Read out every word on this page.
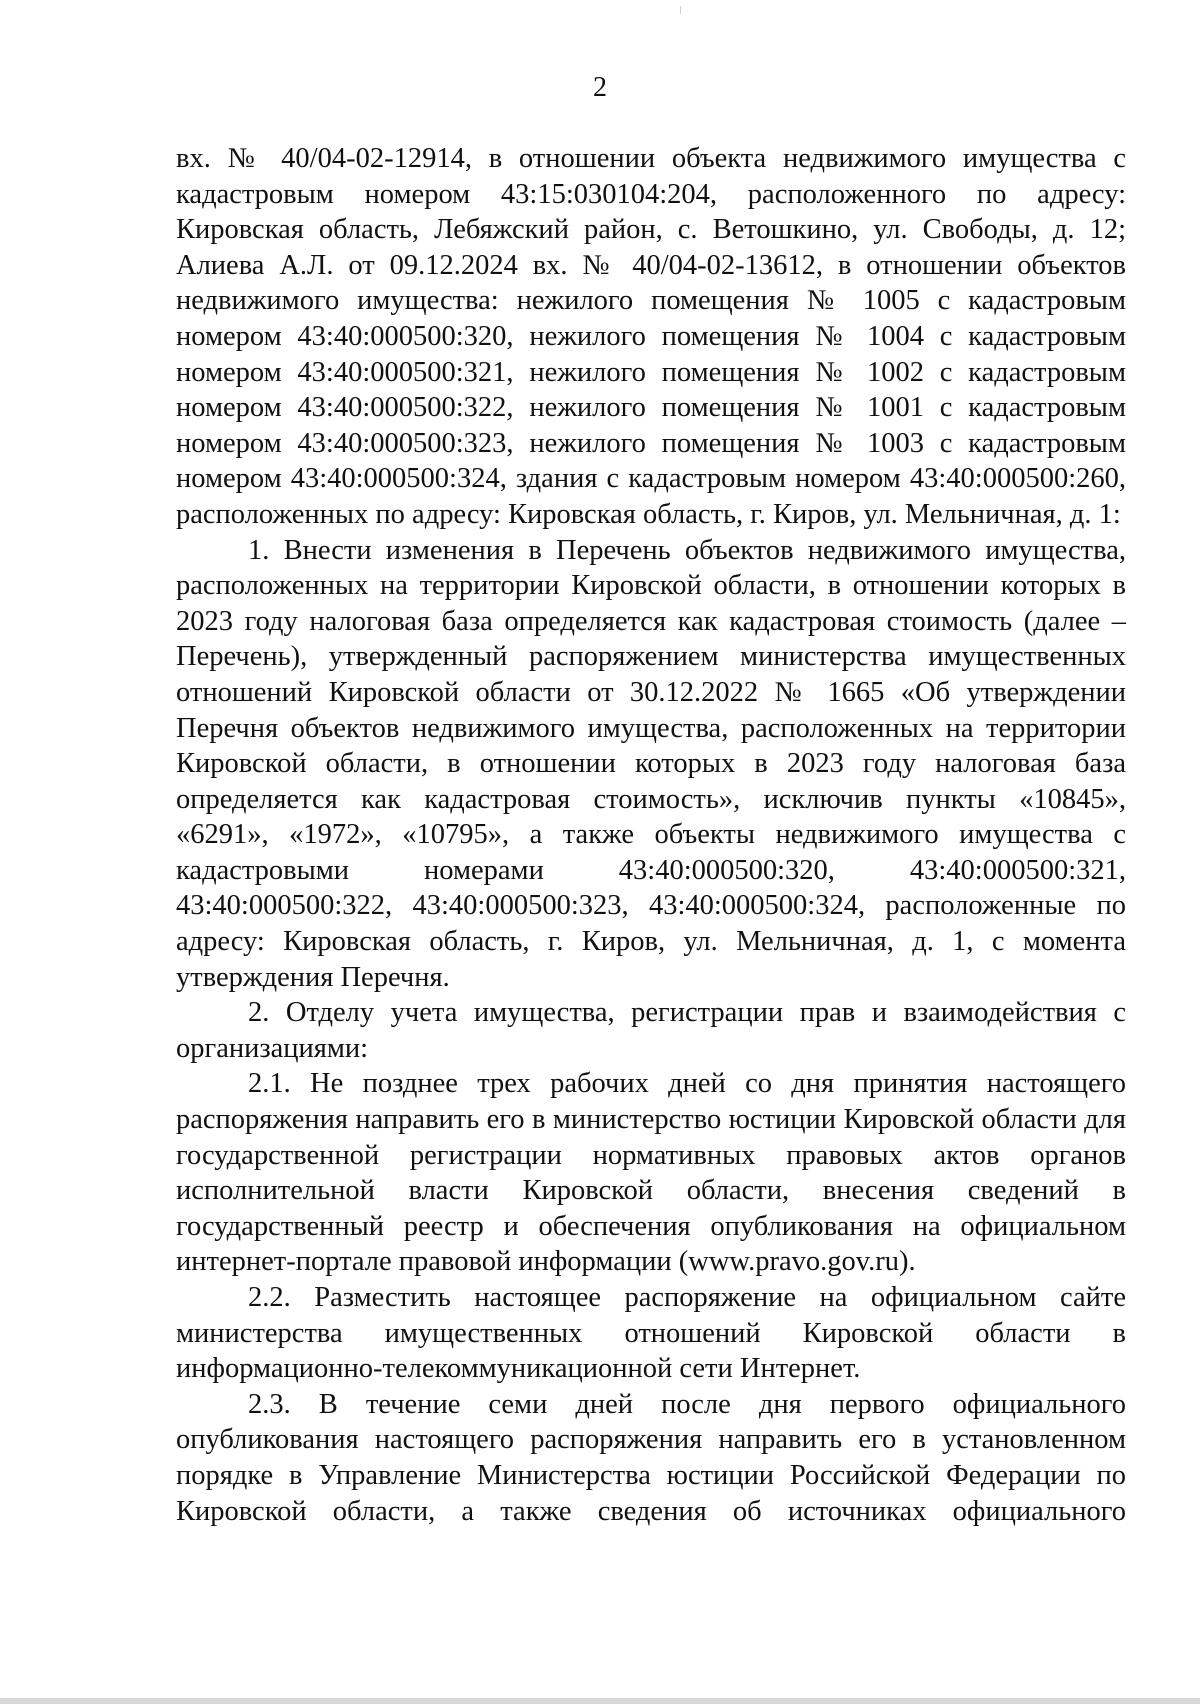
2

вх. № 40/04-02-12914, в отношении объекта недвижимого имущества с кадастровым номером 43:15:030104:204, расположенного по адресу: Кировская область, Лебяжский район, с. Ветошкино, ул. Свободы, д. 12; Алиева А.Л. от 09.12.2024 вх. № 40/04-02-13612, в отношении объектов недвижимого имущества: нежилого помещения № 1005 с кадастровым номером 43:40:000500:320, нежилого помещения № 1004 с кадастровым номером 43:40:000500:321, нежилого помещения № 1002 с кадастровым номером 43:40:000500:322, нежилого помещения № 1001 с кадастровым номером 43:40:000500:323, нежилого помещения № 1003 с кадастровым номером 43:40:000500:324, здания с кадастровым номером 43:40:000500:260, расположенных по адресу: Кировская область, г. Киров, ул. Мельничная, д. 1:

1. Внести изменения в Перечень объектов недвижимого имущества, расположенных на территории Кировской области, в отношении которых в 2023 году налоговая база определяется как кадастровая стоимость (далее – Перечень), утвержденный распоряжением министерства имущественных отношений Кировской области от 30.12.2022 № 1665 «Об утверждении Перечня объектов недвижимого имущества, расположенных на территории Кировской области, в отношении которых в 2023 году налоговая база определяется как кадастровая стоимость», исключив пункты «10845», «6291», «1972», «10795», а также объекты недвижимого имущества с кадастровыми номерами 43:40:000500:320, 43:40:000500:321, 43:40:000500:322, 43:40:000500:323, 43:40:000500:324, расположенные по адресу: Кировская область, г. Киров, ул. Мельничная, д. 1, с момента утверждения Перечня.

2. Отделу учета имущества, регистрации прав и взаимодействия с организациями:

2.1. Не позднее трех рабочих дней со дня принятия настоящего распоряжения направить его в министерство юстиции Кировской области для государственной регистрации нормативных правовых актов органов исполнительной власти Кировской области, внесения сведений в государственный реестр и обеспечения опубликования на официальном интернет-портале правовой информации (www.pravo.gov.ru).

2.2. Разместить настоящее распоряжение на официальном сайте министерства имущественных отношений Кировской области в информационно-телекоммуникационной сети Интернет.

2.3. В течение семи дней после дня первого официального опубликования настоящего распоряжения направить его в установленном порядке в Управление Министерства юстиции Российской Федерации по Кировской области, а также сведения об источниках официального
